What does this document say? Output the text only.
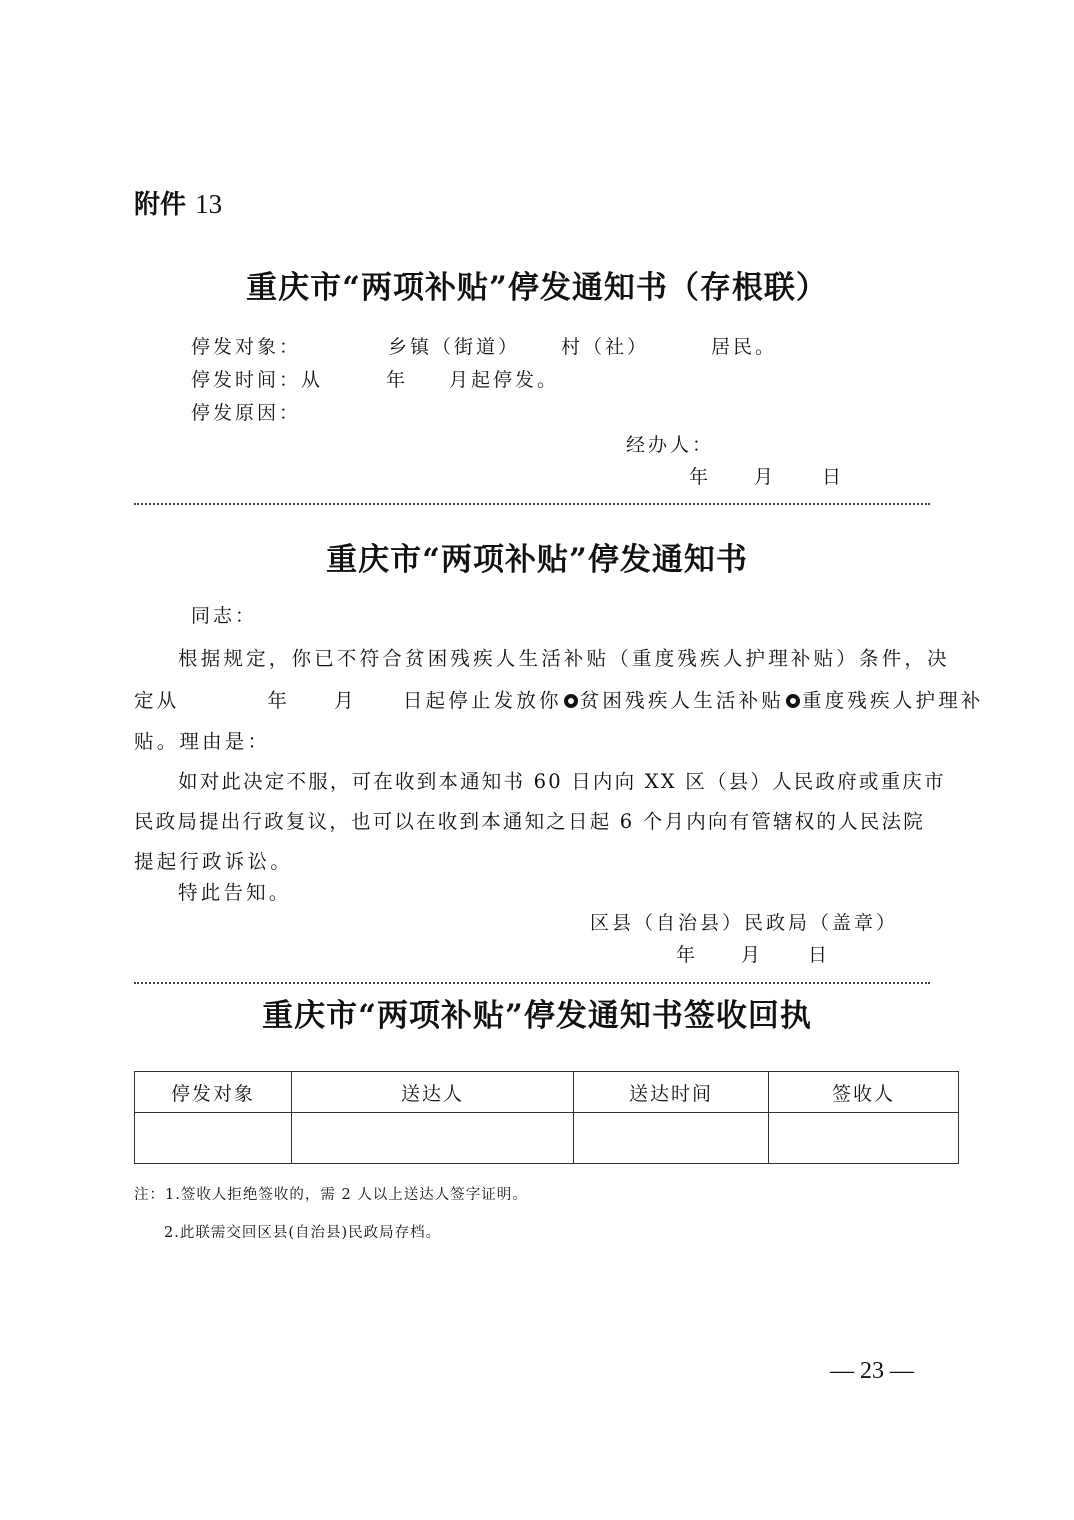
附件 13
重庆市“两项补贴”停发通知书（存根联）
停发对象：	乡镇（街道） 村（社）	居民。
停发时间：从	年 月起停发。
停发原因：
经办人：
年 月 日
重庆市“两项补贴”停发通知书
同志：
根据规定，你已不符合贫困残疾人生活补贴（重度残疾人护理补贴）条件，决
定从	年 月 日起停止发放你 贫困残疾人生活补贴 重度残疾人护理补
贴。理由是：
如对此决定不服，可在收到本通知书 60 日内向 XX 区（县）人民政府或重庆市
民政局提出行政复议，也可以在收到本通知之日起 6 个月内向有管辖权的人民法院
提起行政诉讼。
特此告知。
区县（自治县）民政局（盖章）
年 月 日
重庆市“两项补贴”停发通知书签收回执
停发对象	送达人	送达时间	签收人

注：1.签收人拒绝签收的，需 2 人以上送达人签字证明。
2.此联需交回区县(自治县)民政局存档。
— 23 —
